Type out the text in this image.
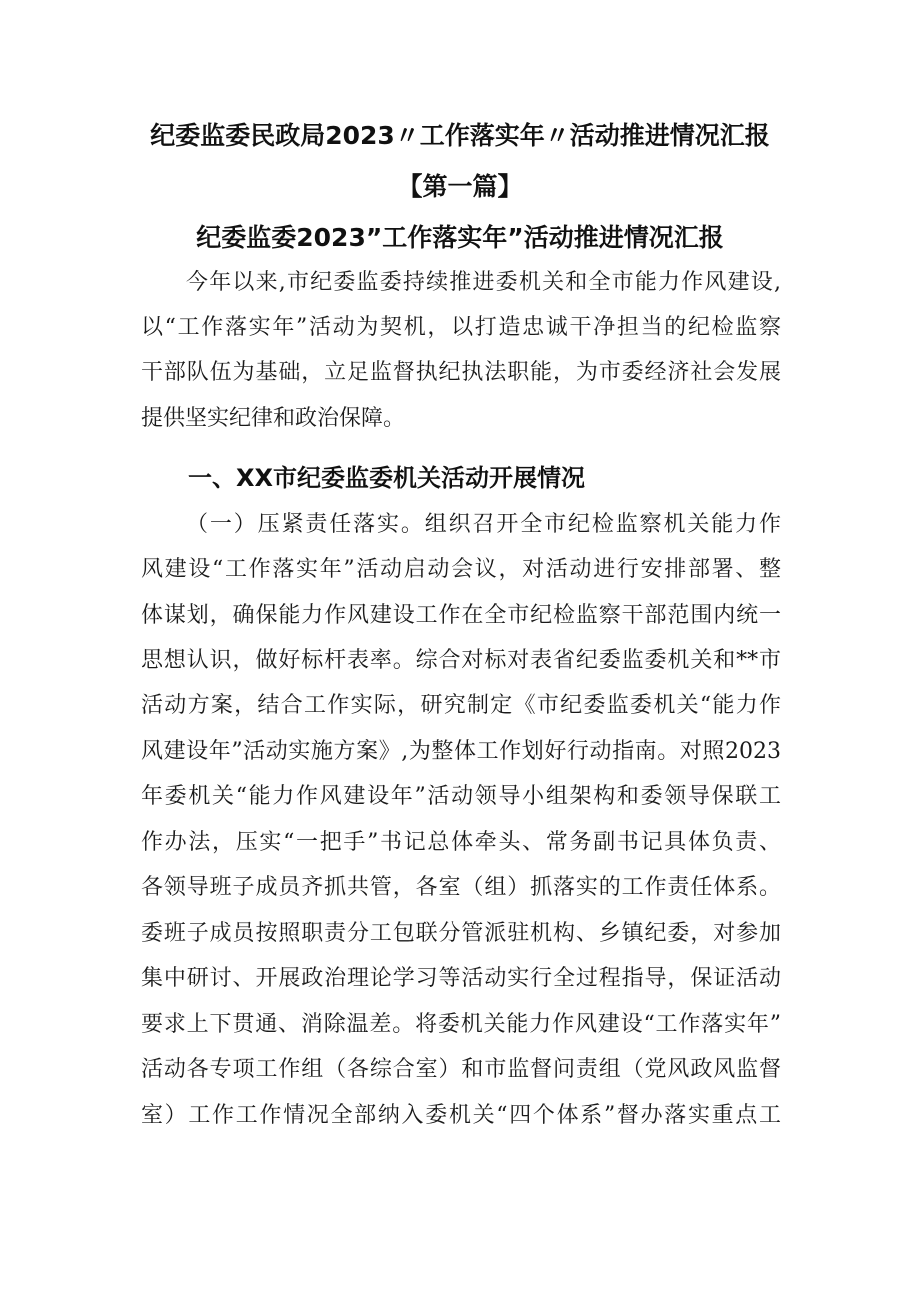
纪委监委民政局2023〃工作落实年〃活动推进情况汇报
【第一篇】
纪委监委2023”工作落实年”活动推进情况汇报
今年以来,市纪委监委持续推进委机关和全市能力作风建设,
以“工作落实年”活动为契机，以打造忠诚干净担当的纪检监察
干部队伍为基础，立足监督执纪执法职能，为市委经济社会发展
提供坚实纪律和政治保障。
一、XX市纪委监委机关活动开展情况
（一）压紧责任落实。组织召开全市纪检监察机关能力作
风建设“工作落实年”活动启动会议，对活动进行安排部署、整
体谋划，确保能力作风建设工作在全市纪检监察干部范围内统一
思想认识，做好标杆表率。综合对标对表省纪委监委机关和**市
活动方案，结合工作实际，研究制定《市纪委监委机关“能力作
风建设年”活动实施方案》,为整体工作划好行动指南。对照2023
年委机关“能力作风建设年”活动领导小组架构和委领导保联工
作办法，压实“一把手”书记总体牵头、常务副书记具体负责、
各领导班子成员齐抓共管，各室（组）抓落实的工作责任体系。
委班子成员按照职责分工包联分管派驻机构、乡镇纪委，对参加
集中研讨、开展政治理论学习等活动实行全过程指导，保证活动
要求上下贯通、消除温差。将委机关能力作风建设“工作落实年”
活动各专项工作组（各综合室）和市监督问责组（党风政风监督
室）工作工作情况全部纳入委机关“四个体系”督办落实重点工
